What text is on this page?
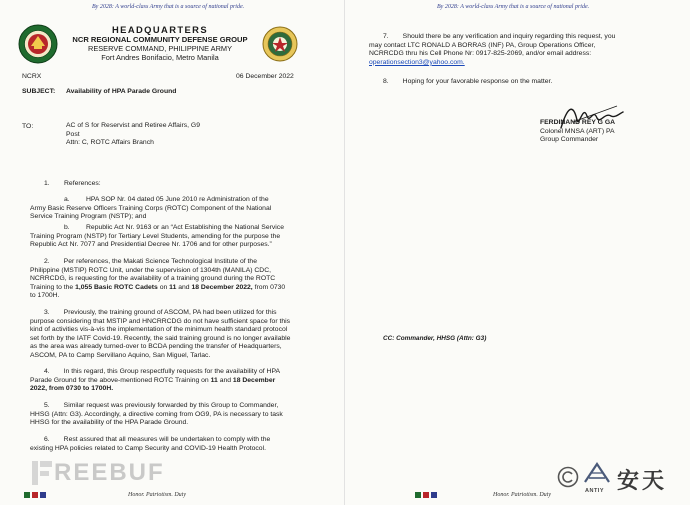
By 2028: A world-class Army that is a source of national pride.
HEADQUARTERS
NCR REGIONAL COMMUNITY DEFENSE GROUP
RESERVE COMMAND, PHILIPPINE ARMY
Fort Andres Bonifacio, Metro Manila
NCRX	06 December 2022
SUBJECT: Availability of HPA Parade Ground
TO:	AC of S for Reservist and Retiree Affairs, G9
Post
Attn: C, ROTC Affairs Branch
1. References:
a.	HPA SOP Nr. 04 dated 05 June 2010 re Administration of the
Army Basic Reserve Officers Training Corps (ROTC) Component of the National
Service Training Program (NSTP); and
b.	Republic Act Nr. 9163 or an “Act Establishing the National Service
Training Program (NSTP) for Tertiary Level Students, amending for the purpose the
Republic Act Nr. 7077 and Presidential Decree Nr. 1706 and for other purposes.”
2. Per references, the Makati Science Technological Institute of the
Philippine (MSTIP) ROTC Unit, under the supervision of 1304th (MANILA) CDC,
NCRRCDG, is requesting for the availability of a training ground during the ROTC
Training to the 1,055 Basic ROTC Cadets on 11 and 18 December 2022, from 0730
to 1700H.
3. Previously, the training ground of ASCOM, PA had been utilized for this
purpose considering that MSTIP and HNCRRCDG do not have sufficient space for this
kind of activities vis-à-vis the implementation of the minimum health standard protocol
set forth by the IATF Covid-19. Recently, the said training ground is no longer available
as the area was already turned-over to BCDA pending the transfer of Headquarters,
ASCOM, PA to Camp Servillano Aquino, San Miguel, Tarlac.
4. In this regard, this Group respectfully requests for the availability of HPA
Parade Ground for the above-mentioned ROTC Training on 11 and 18 December
2022, from 0730 to 1700H.
5. Similar request was previously forwarded by this Group to Commander,
HHSG (Attn: G3). Accordingly, a directive coming from OG9, PA is necessary to task
HHSG for the availability of the HPA Parade Ground.
6. Rest assured that all measures will be undertaken to comply with the
existing HPA policies related to Camp Security and COVID-19 Health Protocol.
REEBUF
Honor. Patriotism. Duty
By 2028: A world-class Army that is a source of national pride.
7. Should there be any verification and inquiry regarding this request, you
may contact LTC RONALD A BORRAS (INF) PA, Group Operations Officer,
NCRRCDG thru his Cell Phone Nr: 0917-825-2069, and/or email address:
operationsection3@yahoo.com.
8. Hoping for your favorable response on the matter.
FERDINAND REY G GA
Colonel MNSA (ART) PA
Group Commander
CC: Commander, HHSG (Attn: G3)
ANTIY 安天
Honor. Patriotism. Duty
